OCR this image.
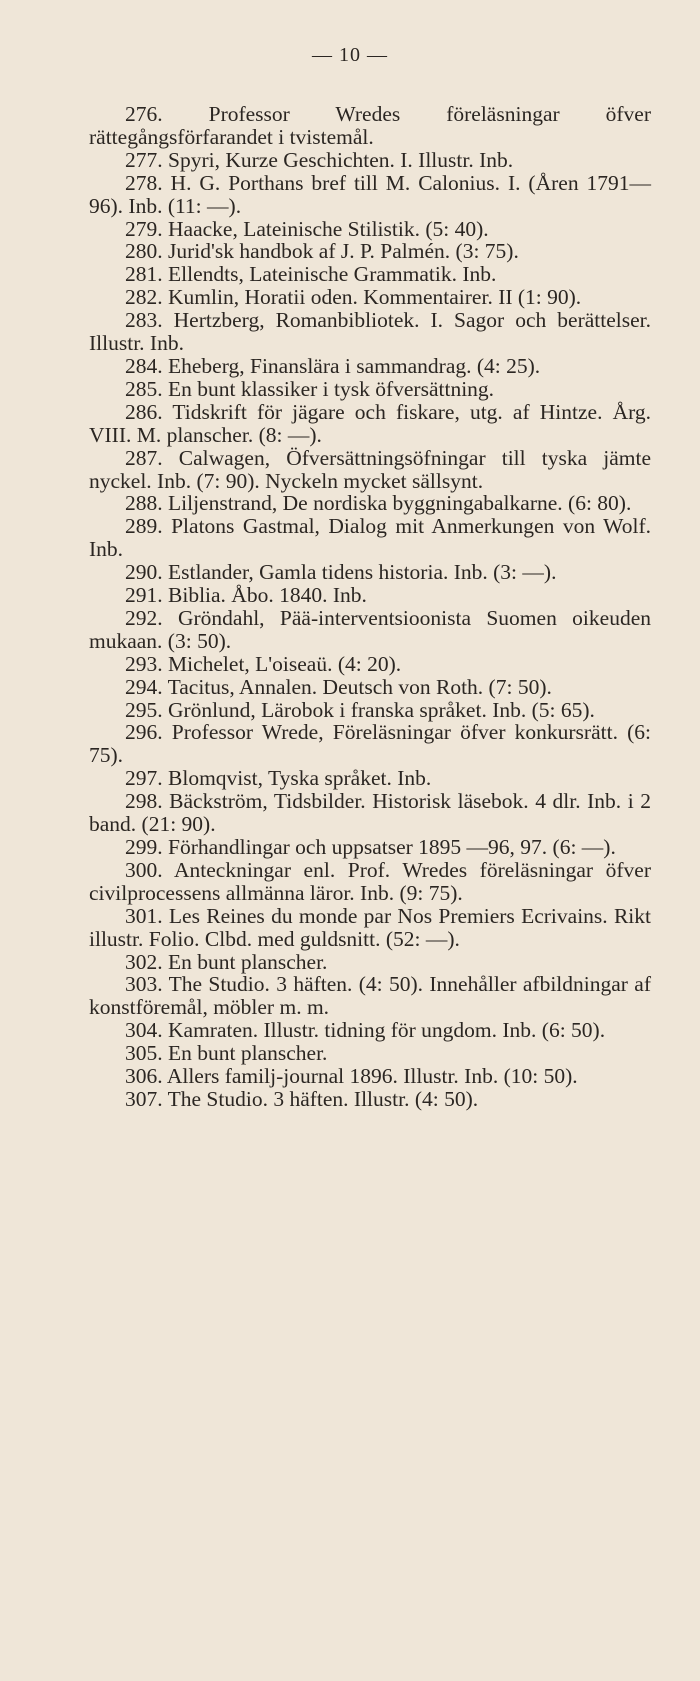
— 10 —

276. Professor Wredes föreläsningar öfver rättegångsförfarandet i tvistemål.

277. Spyri, Kurze Geschichten. I. Illustr. Inb.

278. H. G. Porthans bref till M. Calonius. I. (Åren 1791—96). Inb. (11: —).

279. Haacke, Lateinische Stilistik. (5: 40).

280. Jurid'sk handbok af J. P. Palmén. (3: 75).

281. Ellendts, Lateinische Grammatik. Inb.

282. Kumlin, Horatii oden. Kommentairer. II (1: 90).

283. Hertzberg, Romanbibliotek. I. Sagor och berättelser. Illustr. Inb.

284. Eheberg, Finanslära i sammandrag. (4: 25).

285. En bunt klassiker i tysk öfversättning.

286. Tidskrift för jägare och fiskare, utg. af Hintze. Årg. VIII. M. planscher. (8: —).

287. Calwagen, Öfversättningsöfningar till tyska jämte nyckel. Inb. (7: 90). Nyckeln mycket sällsynt.

288. Liljenstrand, De nordiska byggningabalkarne. (6: 80).

289. Platons Gastmal, Dialog mit Anmerkungen von Wolf. Inb.

290. Estlander, Gamla tidens historia. Inb. (3: —).

291. Biblia. Åbo. 1840. Inb.

292. Gröndahl, Pää-interventsioonista Suomen oikeuden mukaan. (3: 50).

293. Michelet, L'oiseaü. (4: 20).

294. Tacitus, Annalen. Deutsch von Roth. (7: 50).

295. Grönlund, Lärobok i franska språket. Inb. (5: 65).

296. Professor Wrede, Föreläsningar öfver konkursrätt. (6: 75).

297. Blomqvist, Tyska språket. Inb.

298. Bäckström, Tidsbilder. Historisk läsebok. 4 dlr. Inb. i 2 band. (21: 90).

299. Förhandlingar och uppsatser 1895 —96, 97. (6: —).

300. Anteckningar enl. Prof. Wredes föreläsningar öfver civilprocessens allmänna läror. Inb. (9: 75).

301. Les Reines du monde par Nos Premiers Ecrivains. Rikt illustr. Folio. Clbd. med guldsnitt. (52: —).

302. En bunt planscher.

303. The Studio. 3 häften. (4: 50). Innehåller afbildningar af konstföremål, möbler m. m.

304. Kamraten. Illustr. tidning för ungdom. Inb. (6: 50).

305. En bunt planscher.

306. Allers familj-journal 1896. Illustr. Inb. (10: 50).

307. The Studio. 3 häften. Illustr. (4: 50).
